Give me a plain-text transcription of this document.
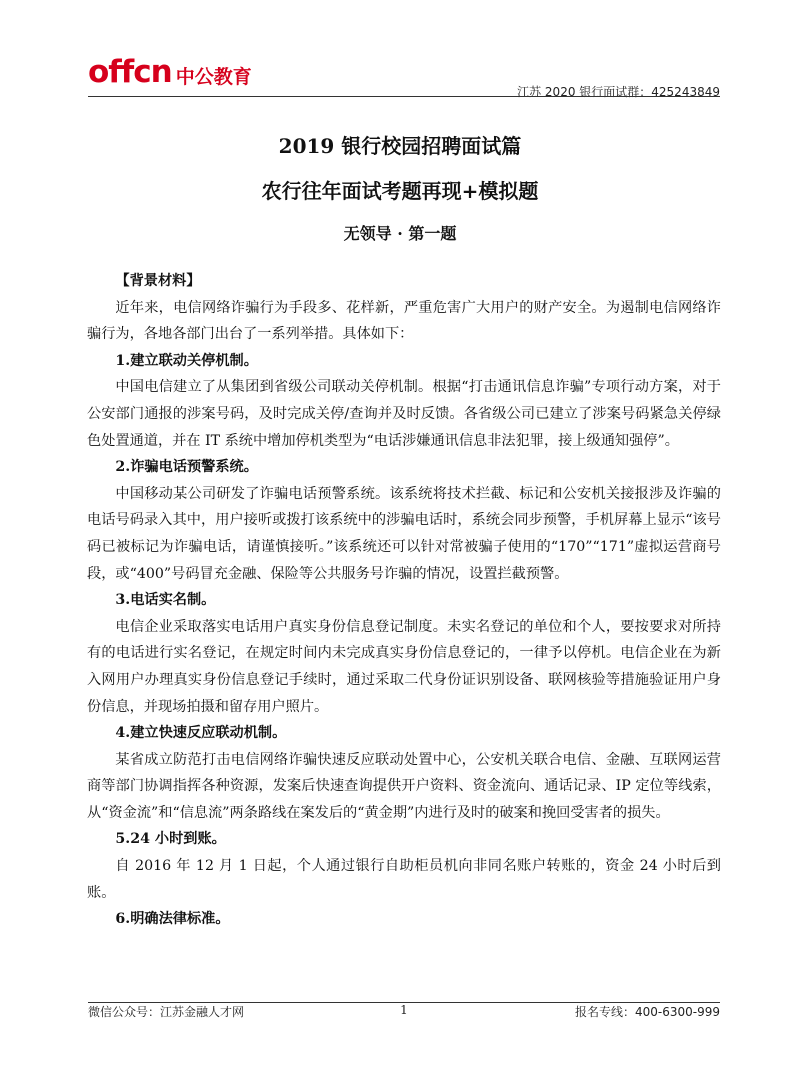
offcn 中公教育
江苏 2020 银行面试群：425243849
2019 银行校园招聘面试篇
农行往年面试考题再现+模拟题
无领导 · 第一题

【背景材料】

近年来，电信网络诈骗行为手段多、花样新，严重危害广大用户的财产安全。为遏制电信网络诈骗行为，各地各部门出台了一系列举措。具体如下：

1.建立联动关停机制。

中国电信建立了从集团到省级公司联动关停机制。根据“打击通讯信息诈骗”专项行动方案，对于公安部门通报的涉案号码，及时完成关停/查询并及时反馈。各省级公司已建立了涉案号码紧急关停绿色处置通道，并在 IT 系统中增加停机类型为“电话涉嫌通讯信息非法犯罪，接上级通知强停”。

2.诈骗电话预警系统。

中国移动某公司研发了诈骗电话预警系统。该系统将技术拦截、标记和公安机关接报涉及诈骗的电话号码录入其中，用户接听或拨打该系统中的涉骗电话时，系统会同步预警，手机屏幕上显示“该号码已被标记为诈骗电话，请谨慎接听。”该系统还可以针对常被骗子使用的“170”“171”虚拟运营商号段，或“400”号码冒充金融、保险等公共服务号诈骗的情况，设置拦截预警。

3.电话实名制。

电信企业采取落实电话用户真实身份信息登记制度。未实名登记的单位和个人，要按要求对所持有的电话进行实名登记，在规定时间内未完成真实身份信息登记的，一律予以停机。电信企业在为新入网用户办理真实身份信息登记手续时，通过采取二代身份证识别设备、联网核验等措施验证用户身份信息，并现场拍摄和留存用户照片。

4.建立快速反应联动机制。

某省成立防范打击电信网络诈骗快速反应联动处置中心，公安机关联合电信、金融、互联网运营商等部门协调指挥各种资源，发案后快速查询提供开户资料、资金流向、通话记录、IP 定位等线索，从“资金流”和“信息流”两条路线在案发后的“黄金期”内进行及时的破案和挽回受害者的损失。

5.24 小时到账。

自 2016 年 12 月 1 日起，个人通过银行自助柜员机向非同名账户转账的，资金 24 小时后到账。

6.明确法律标准。

微信公众号：江苏金融人才网	1	报名专线：400-6300-999
